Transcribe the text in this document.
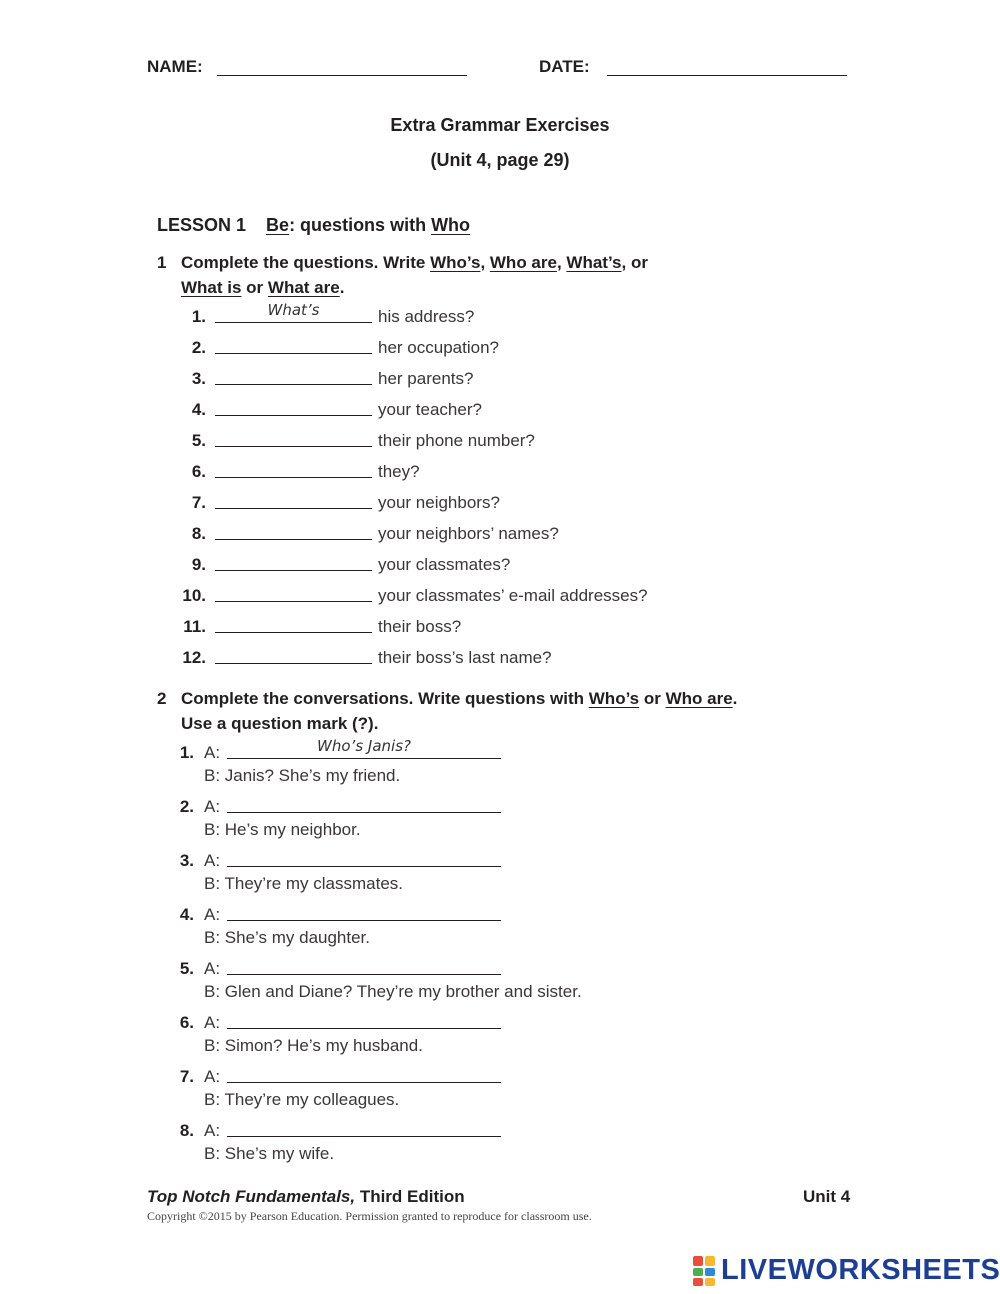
NAME:	DATE:
Extra Grammar Exercises
(Unit 4, page 29)
LESSON 1 Be: questions with Who
1 Complete the questions. Write Who’s, Who are, What’s, or
What is or What are.
1.	What’s	his address?
2.	her occupation?
3.	her parents?
4.	your teacher?
5.	their phone number?
6.	they?
7.	your neighbors?
8.	your neighbors’ names?
9.	your classmates?
10.	your classmates’ e-mail addresses?
11.	their boss?
12.	their boss’s last name?
2 Complete the conversations. Write questions with Who’s or Who are.
Use a question mark (?).
1. A:	Who’s Janis?
B: Janis? She’s my friend.
2. A:
B: He’s my neighbor.
3. A:
B: They’re my classmates.
4. A:
B: She’s my daughter.
5. A:
B: Glen and Diane? They’re my brother and sister.
6. A:
B: Simon? He’s my husband.
7. A:
B: They’re my colleagues.
8. A:
B: She’s my wife.
Top Notch Fundamentals, Third Edition	Unit 4
Copyright ©2015 by Pearson Education. Permission granted to reproduce for classroom use.
LIVEWORKSHEETS
